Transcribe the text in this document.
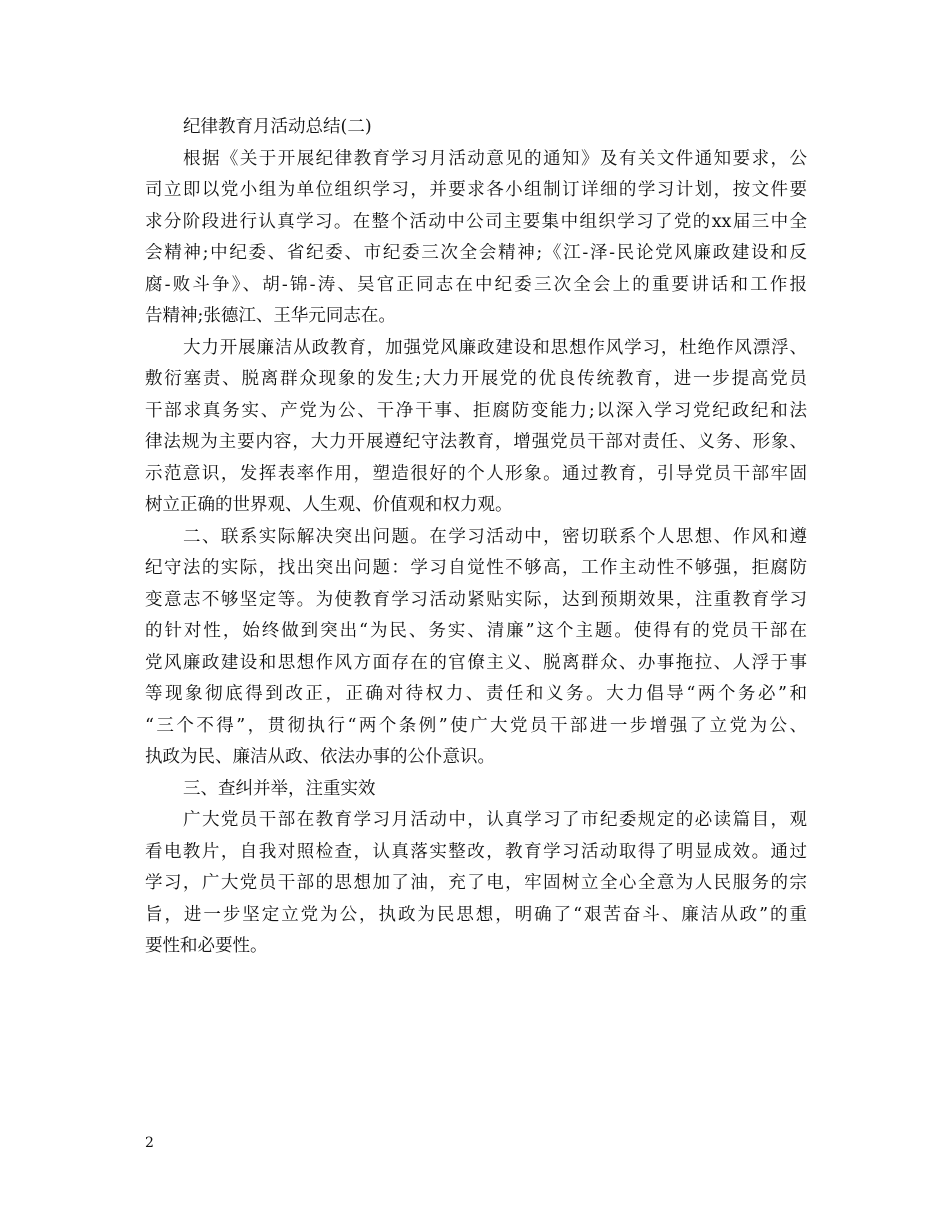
纪律教育月活动总结(二)
根据《关于开展纪律教育学习月活动意见的通知》及有关文件通知要求，公
司立即以党小组为单位组织学习，并要求各小组制订详细的学习计划，按文件要
求分阶段进行认真学习。在整个活动中公司主要集中组织学习了党的xx届三中全
会精神;中纪委、省纪委、市纪委三次全会精神;《江-泽-民论党风廉政建设和反
腐-败斗争》、胡-锦-涛、吴官正同志在中纪委三次全会上的重要讲话和工作报
告精神;张德江、王华元同志在。
大力开展廉洁从政教育，加强党风廉政建设和思想作风学习，杜绝作风漂浮、
敷衍塞责、脱离群众现象的发生;大力开展党的优良传统教育，进一步提高党员
干部求真务实、产党为公、干净干事、拒腐防变能力;以深入学习党纪政纪和法
律法规为主要内容，大力开展遵纪守法教育，增强党员干部对责任、义务、形象、
示范意识，发挥表率作用，塑造很好的个人形象。通过教育，引导党员干部牢固
树立正确的世界观、人生观、价值观和权力观。
二、联系实际解决突出问题。在学习活动中，密切联系个人思想、作风和遵
纪守法的实际，找出突出问题：学习自觉性不够高，工作主动性不够强，拒腐防
变意志不够坚定等。为使教育学习活动紧贴实际，达到预期效果，注重教育学习
的针对性，始终做到突出“为民、务实、清廉”这个主题。使得有的党员干部在
党风廉政建设和思想作风方面存在的官僚主义、脱离群众、办事拖拉、人浮于事
等现象彻底得到改正，正确对待权力、责任和义务。大力倡导“两个务必”和
“三个不得”，贯彻执行“两个条例”使广大党员干部进一步增强了立党为公、
执政为民、廉洁从政、依法办事的公仆意识。
三、查纠并举，注重实效
广大党员干部在教育学习月活动中，认真学习了市纪委规定的必读篇目，观
看电教片，自我对照检查，认真落实整改，教育学习活动取得了明显成效。通过
学习，广大党员干部的思想加了油，充了电，牢固树立全心全意为人民服务的宗
旨，进一步坚定立党为公，执政为民思想，明确了“艰苦奋斗、廉洁从政”的重
要性和必要性。
2
